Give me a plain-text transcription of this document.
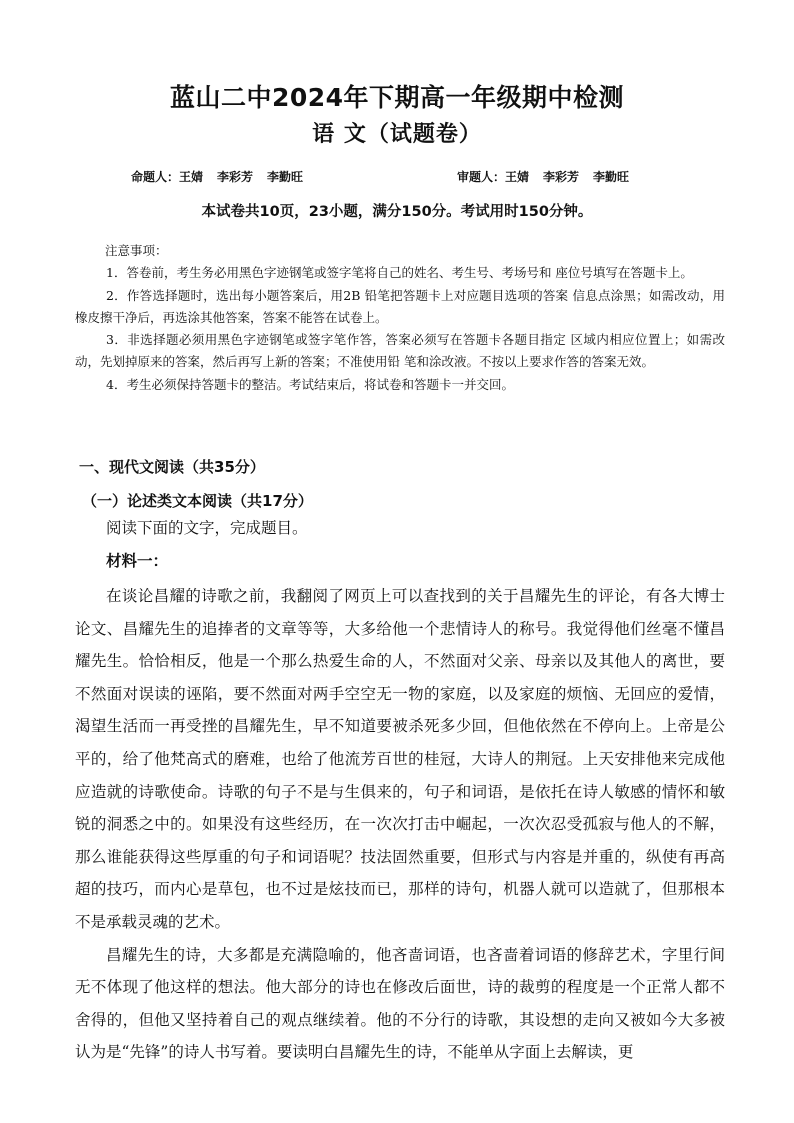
蓝山二中2024年下期高一年级期中检测
语 文（试题卷）
命题人：王婧 李彩芳 李勤旺	审题人：王婧 李彩芳 李勤旺
本试卷共10页，23小题，满分150分。考试用时150分钟。
注意事项：

1．答卷前，考生务必用黑色字迹钢笔或签字笔将自己的姓名、考生号、考场号和 座位号填写在答题卡上。

2．作答选择题时，选出每小题答案后，用2B 铅笔把答题卡上对应题目选项的答案 信息点涂黑；如需改动，用橡皮擦干净后，再选涂其他答案，答案不能答在试卷上。

3．非选择题必须用黑色字迹钢笔或签字笔作答，答案必须写在答题卡各题目指定 区域内相应位置上；如需改动，先划掉原来的答案，然后再写上新的答案；不准使用铅 笔和涂改液。不按以上要求作答的答案无效。

4．考生必须保持答题卡的整洁。考试结束后，将试卷和答题卡一并交回。

一、现代文阅读（共35分）
（一）论述类文本阅读（共17分）
阅读下面的文字，完成题目。
材料一：

在谈论昌耀的诗歌之前，我翻阅了网页上可以查找到的关于昌耀先生的评论，有各大博士论文、昌耀先生的追捧者的文章等等，大多给他一个悲情诗人的称号。我觉得他们丝毫不懂昌耀先生。恰恰相反，他是一个那么热爱生命的人，不然面对父亲、母亲以及其他人的离世，要不然面对误读的诬陷，要不然面对两手空空无一物的家庭，以及家庭的烦恼、无回应的爱情，渴望生活而一再受挫的昌耀先生，早不知道要被杀死多少回，但他依然在不停向上。上帝是公平的，给了他梵高式的磨难，也给了他流芳百世的桂冠，大诗人的荆冠。上天安排他来完成他应造就的诗歌使命。诗歌的句子不是与生俱来的，句子和词语，是依托在诗人敏感的情怀和敏锐的洞悉之中的。如果没有这些经历，在一次次打击中崛起，一次次忍受孤寂与他人的不解，那么谁能获得这些厚重的句子和词语呢？技法固然重要，但形式与内容是并重的，纵使有再高超的技巧，而内心是草包，也不过是炫技而已，那样的诗句，机器人就可以造就了，但那根本不是承载灵魂的艺术。

昌耀先生的诗，大多都是充满隐喻的，他吝啬词语，也吝啬着词语的修辞艺术，字里行间无不体现了他这样的想法。他大部分的诗也在修改后面世，诗的裁剪的程度是一个正常人都不舍得的，但他又坚持着自己的观点继续着。他的不分行的诗歌，其设想的走向又被如今大多被认为是“先锋”的诗人书写着。要读明白昌耀先生的诗，不能单从字面上去解读，更
